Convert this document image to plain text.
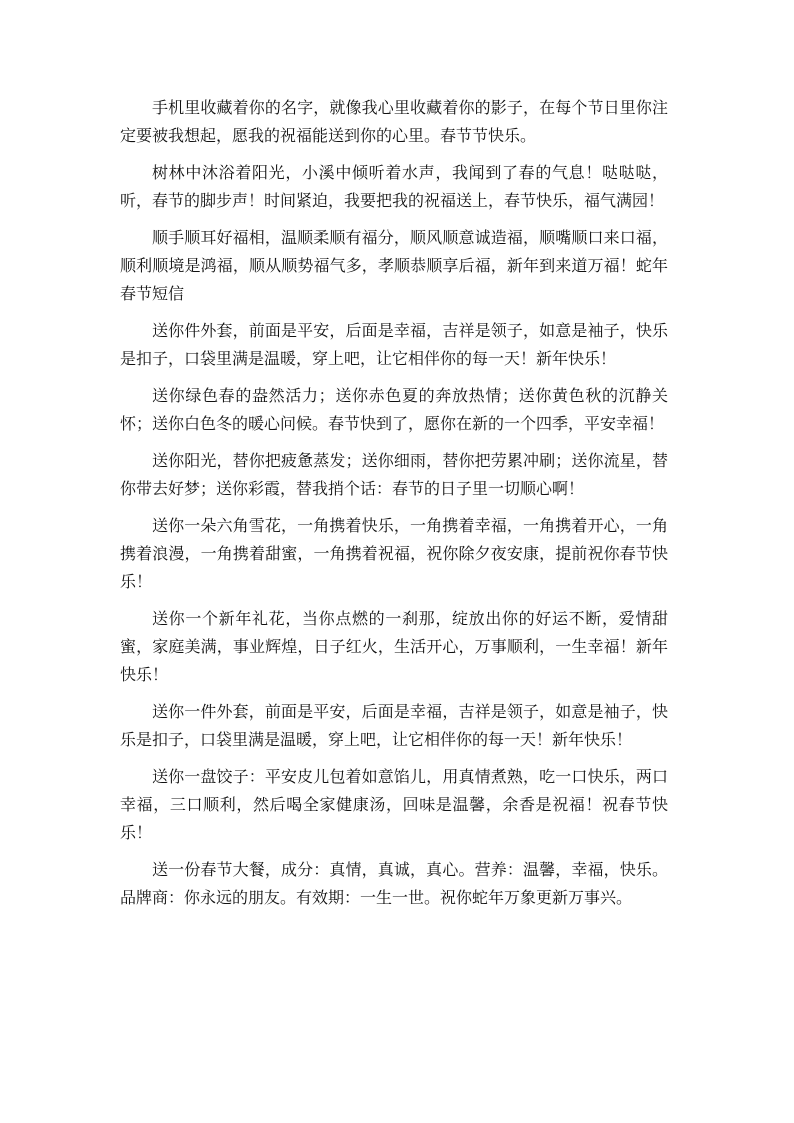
手机里收藏着你的名字，就像我心里收藏着你的影子，在每个节日里你注定要被我想起，愿我的祝福能送到你的心里。春节节快乐。

树林中沐浴着阳光，小溪中倾听着水声，我闻到了春的气息！哒哒哒，听，春节的脚步声！时间紧迫，我要把我的祝福送上，春节快乐，福气满园！

顺手顺耳好福相，温顺柔顺有福分，顺风顺意诚造福，顺嘴顺口来口福，顺利顺境是鸿福，顺从顺势福气多，孝顺恭顺享后福，新年到来道万福！蛇年春节短信

送你件外套，前面是平安，后面是幸福，吉祥是领子，如意是袖子，快乐是扣子，口袋里满是温暖，穿上吧，让它相伴你的每一天！新年快乐！

送你绿色春的盎然活力；送你赤色夏的奔放热情；送你黄色秋的沉静关怀；送你白色冬的暖心问候。春节快到了，愿你在新的一个四季，平安幸福！

送你阳光，替你把疲惫蒸发；送你细雨，替你把劳累冲刷；送你流星，替你带去好梦；送你彩霞，替我捎个话：春节的日子里一切顺心啊！

送你一朵六角雪花，一角携着快乐，一角携着幸福，一角携着开心，一角携着浪漫，一角携着甜蜜，一角携着祝福，祝你除夕夜安康，提前祝你春节快乐！

送你一个新年礼花，当你点燃的一刹那，绽放出你的好运不断，爱情甜蜜，家庭美满，事业辉煌，日子红火，生活开心，万事顺利，一生幸福！新年快乐！

送你一件外套，前面是平安，后面是幸福，吉祥是领子，如意是袖子，快乐是扣子，口袋里满是温暖，穿上吧，让它相伴你的每一天！新年快乐！

送你一盘饺子：平安皮儿包着如意馅儿，用真情煮熟，吃一口快乐，两口幸福，三口顺利，然后喝全家健康汤，回味是温馨，余香是祝福！祝春节快乐！

送一份春节大餐，成分：真情，真诚，真心。营养：温馨，幸福，快乐。品牌商：你永远的朋友。有效期：一生一世。祝你蛇年万象更新万事兴。
